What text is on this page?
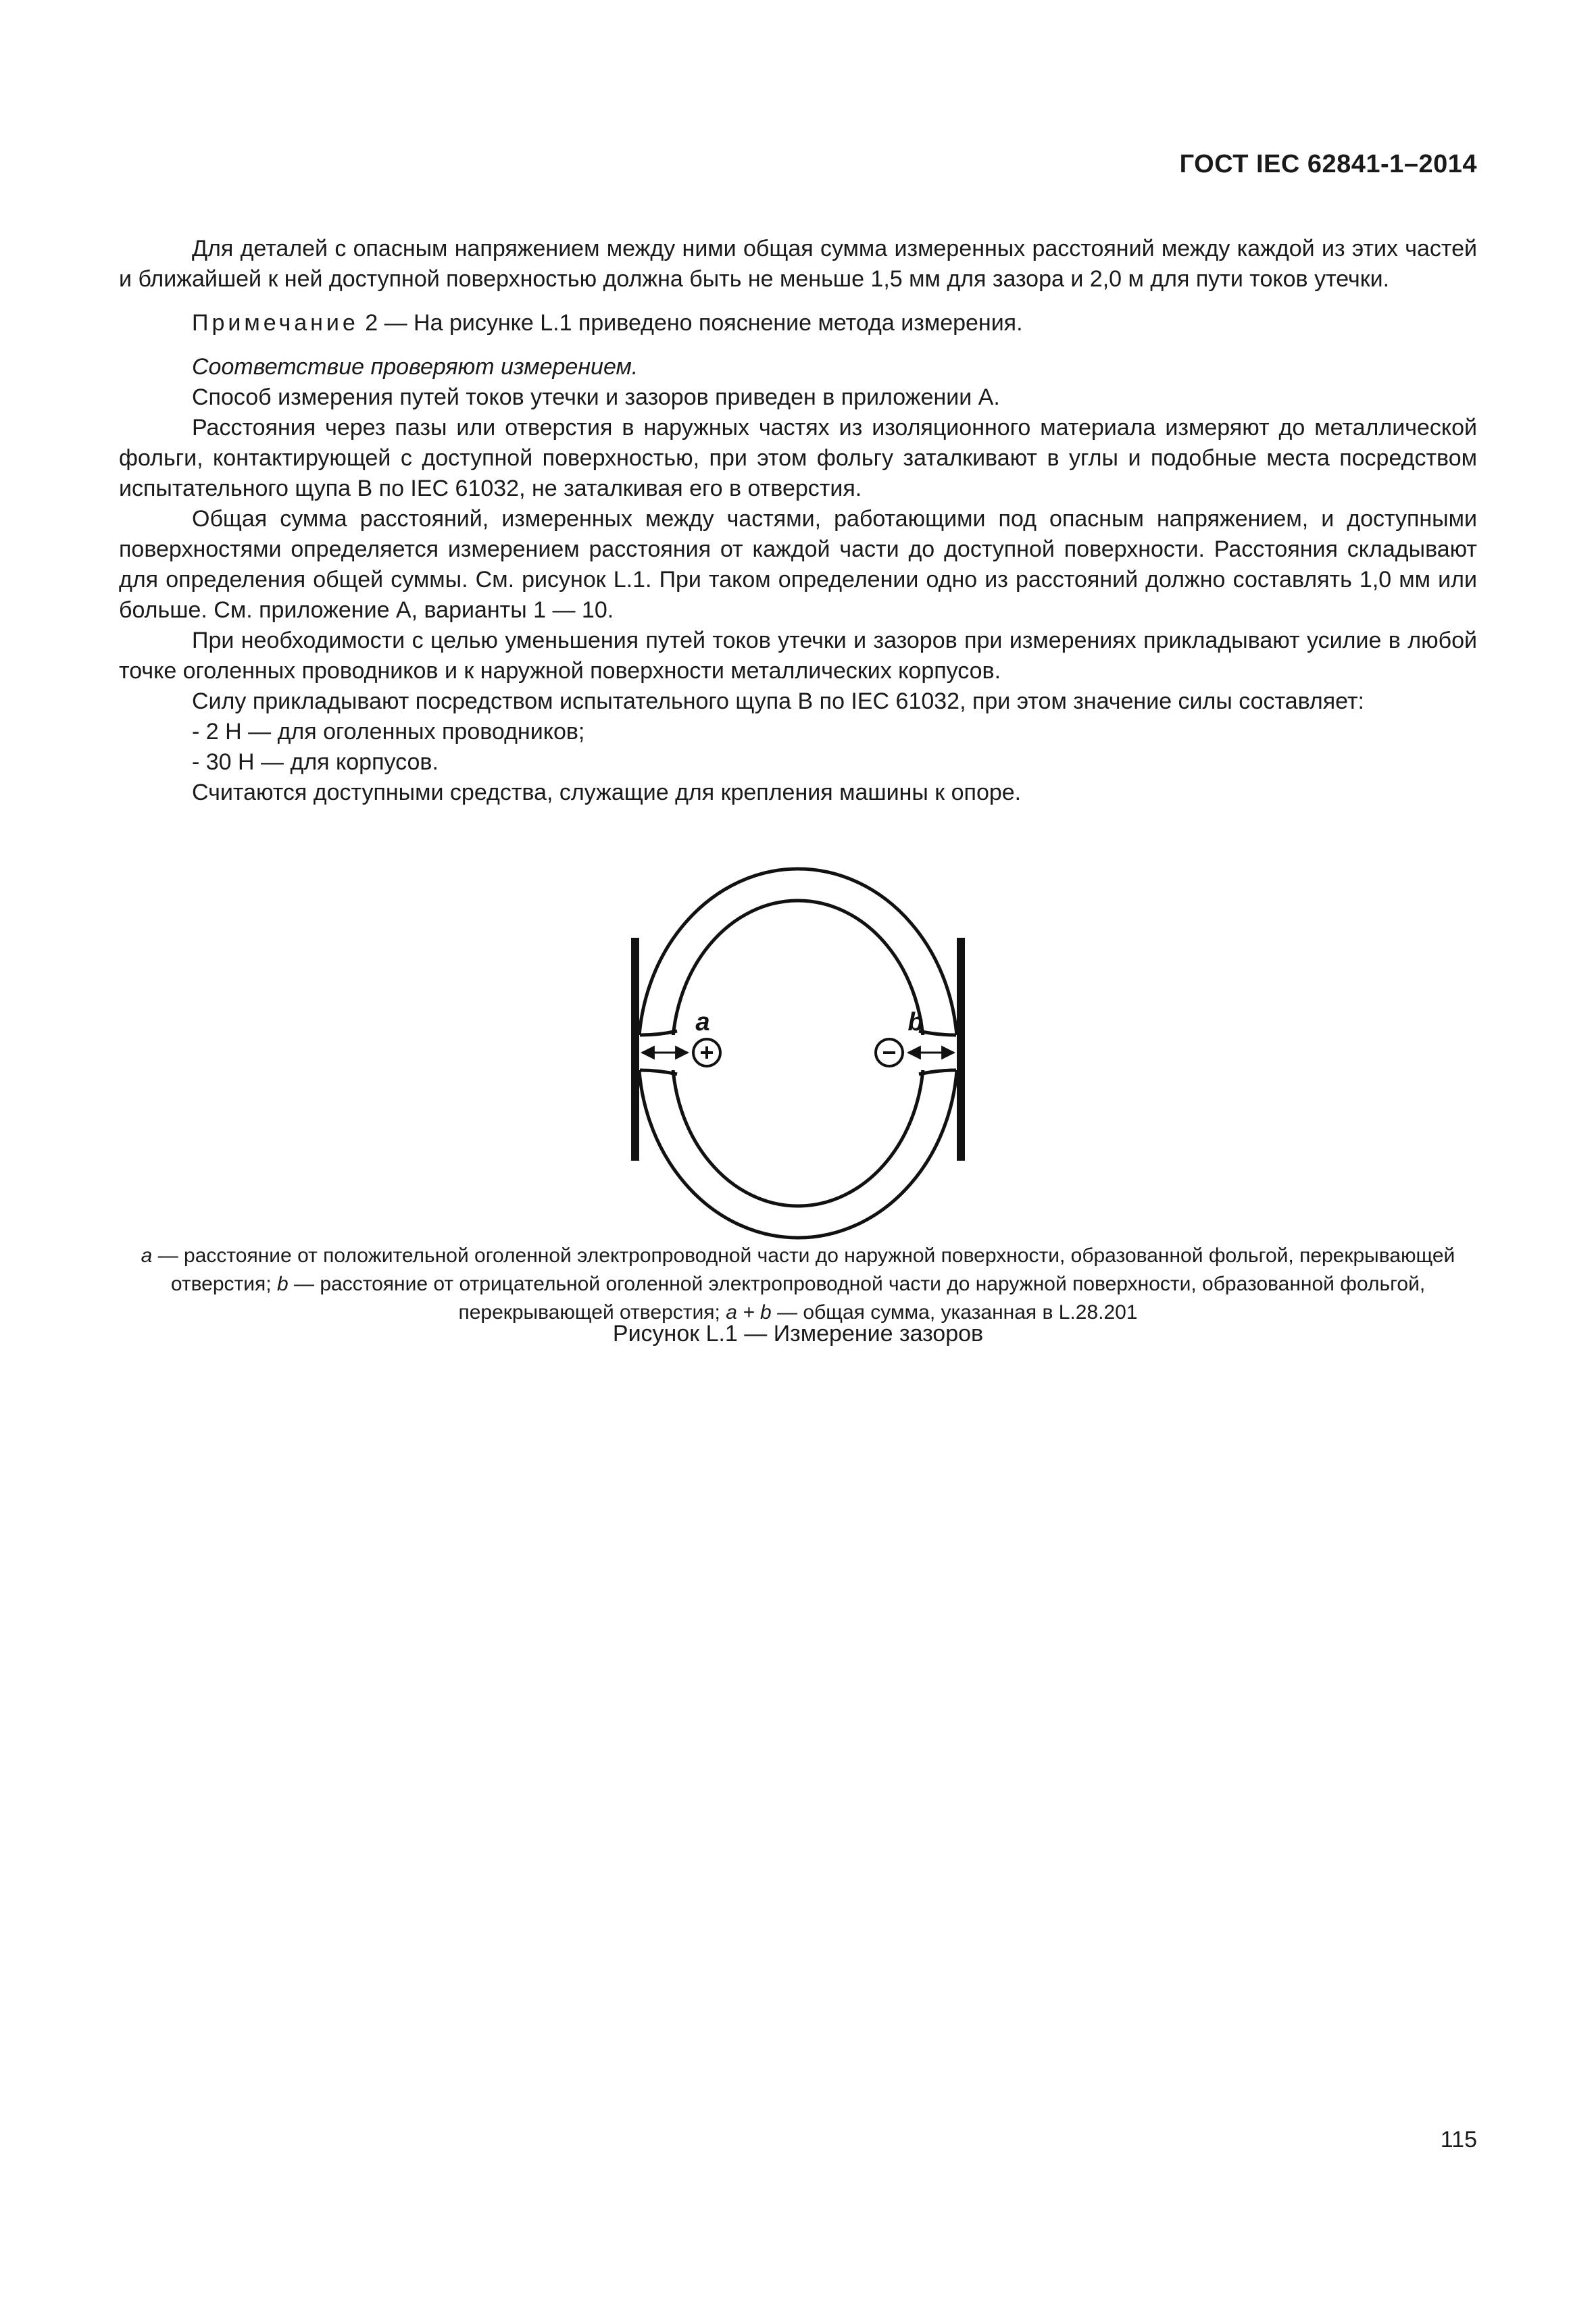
ГОСТ IEC 62841-1–2014

Для деталей с опасным напряжением между ними общая сумма измеренных расстояний между каждой из этих частей и ближайшей к ней доступной поверхностью должна быть не меньше 1,5 мм для зазора и 2,0 м для пути токов утечки.

Примечание 2 — На рисунке L.1 приведено пояснение метода измерения.

Соответствие проверяют измерением.

Способ измерения путей токов утечки и зазоров приведен в приложении А.

Расстояния через пазы или отверстия в наружных частях из изоляционного материала измеряют до металлической фольги, контактирующей с доступной поверхностью, при этом фольгу заталкивают в углы и подобные места посредством испытательного щупа В по IEC 61032, не заталкивая его в отверстия.

Общая сумма расстояний, измеренных между частями, работающими под опасным напряжением, и доступными поверхностями определяется измерением расстояния от каждой части до доступной поверхности. Расстояния складывают для определения общей суммы. См. рисунок L.1. При таком определении одно из расстояний должно составлять 1,0 мм или больше. См. приложение А, варианты 1 — 10.

При необходимости с целью уменьшения путей токов утечки и зазоров при измерениях прикладывают усилие в любой точке оголенных проводников и к наружной поверхности металлических корпусов.

Силу прикладывают посредством испытательного щупа В по IEC 61032, при этом значение силы составляет:

- 2 Н — для оголенных проводников;

- 30 Н — для корпусов.

Считаются доступными средства, служащие для крепления машины к опоре.

+	−
a	b
a — расстояние от положительной оголенной электропроводной части до наружной поверхности, образованной фольгой, перекрывающей отверстия; b — расстояние от отрицательной оголенной электропроводной части до наружной поверхности, образованной фольгой, перекрывающей отверстия; a + b — общая сумма, указанная в L.28.201
Рисунок L.1 — Измерение зазоров
115
